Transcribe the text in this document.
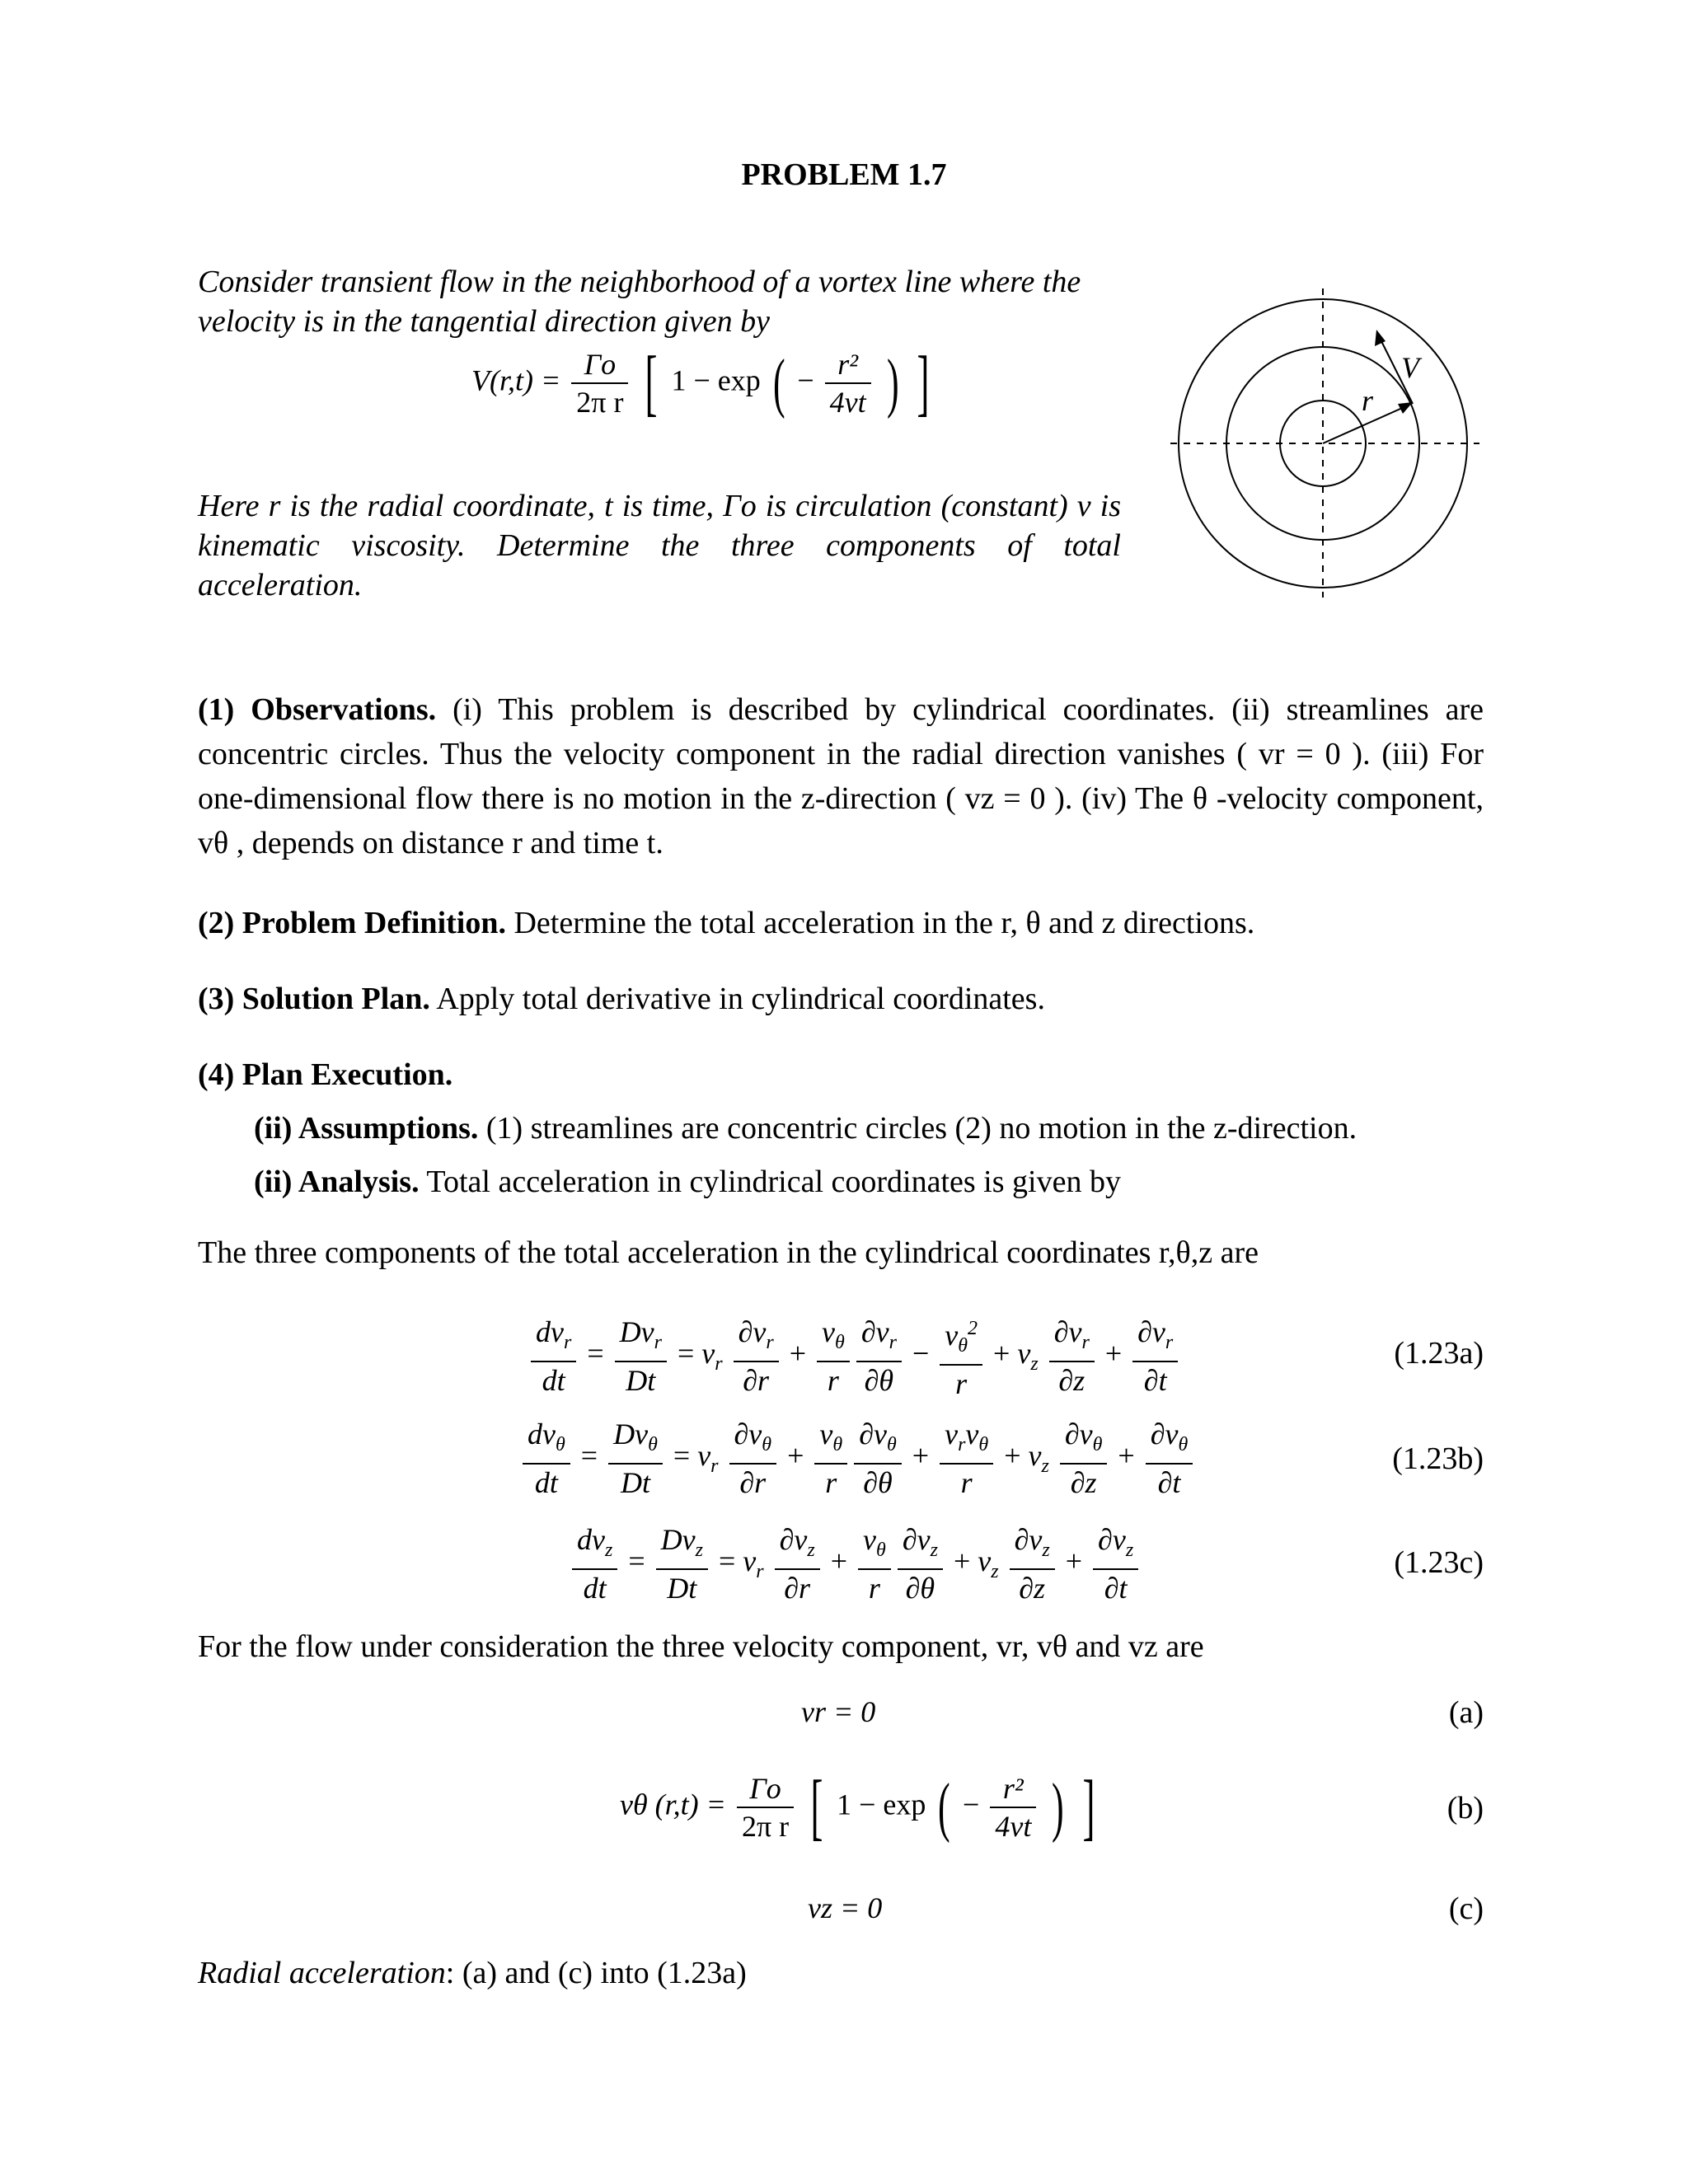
PROBLEM 1.7
Consider transient flow in the neighborhood of a vortex line where the
velocity is in the tangential direction given by
$V(r,t) = \frac{\Gamma o}{\text{2π r}}$ [ 1 − exp ( − $\frac{\text{r²}}{4vt}$ ) ]
Here r is the radial coordinate, t is time, Γo is circulation (constant) v is kinematic viscosity. Determine the three components of total acceleration.
V
r
(1) Observations. (i) This problem is described by cylindrical coordinates. (ii) streamlines are concentric circles. Thus the velocity component in the radial direction vanishes ( vr = 0 ). (iii) For one-dimensional flow there is no motion in the z-direction ( vz = 0 ). (iv) The θ -velocity component, vθ , depends on distance r and time t.
(2) Problem Definition. Determine the total acceleration in the r, θ and z directions.
(3) Solution Plan. Apply total derivative in cylindrical coordinates.
(4) Plan Execution.
(ii) Assumptions. (1) streamlines are concentric circles (2) no motion in the z-direction.
(ii) Analysis. Total acceleration in cylindrical coordinates is given by
The three components of the total acceleration in the cylindrical coordinates r,θ,z are
$\frac{dv_r}{dt} = \frac{Dv_r}{Dt} = v_r \frac{\partial v_r}{\partial r} + \frac{v_\theta}{r} \frac{\partial v_r}{\partial\theta} - \frac{v_\theta^2}{r} + v_z \frac{\partial v_r}{\partial z} + \frac{\partial v_r}{\partial t}$	(1.23a)
$\frac{dv_\theta}{dt} = \frac{Dv_\theta}{Dt} = v_r \frac{\partial v_\theta}{\partial r} + \frac{v_\theta}{r} \frac{\partial v_\theta}{\partial\theta} + \frac{v_rv_\theta}{r} + v_z \frac{\partial v_\theta}{\partial z} + \frac{\partial v_\theta}{\partial t}$	(1.23b)
$\frac{dv_z}{dt} = \frac{Dv_z}{Dt} = v_r \frac{\partial v_z}{\partial r} + \frac{v_\theta}{r} \frac{\partial v_z}{\partial\theta} + v_z \frac{\partial v_z}{\partial z} + \frac{\partial v_z}{\partial t}$	(1.23c)
For the flow under consideration the three velocity component, vr, vθ and vz are
vr = 0	(a)
vθ $(r,t) = \frac{\Gamma o}{\text{2π r}}$ [ 1 − exp ( − $\frac{\text{r²}}{4vt}$ ) ]	(b)
vz = 0	(c)
Radial acceleration: (a) and (c) into (1.23a)
